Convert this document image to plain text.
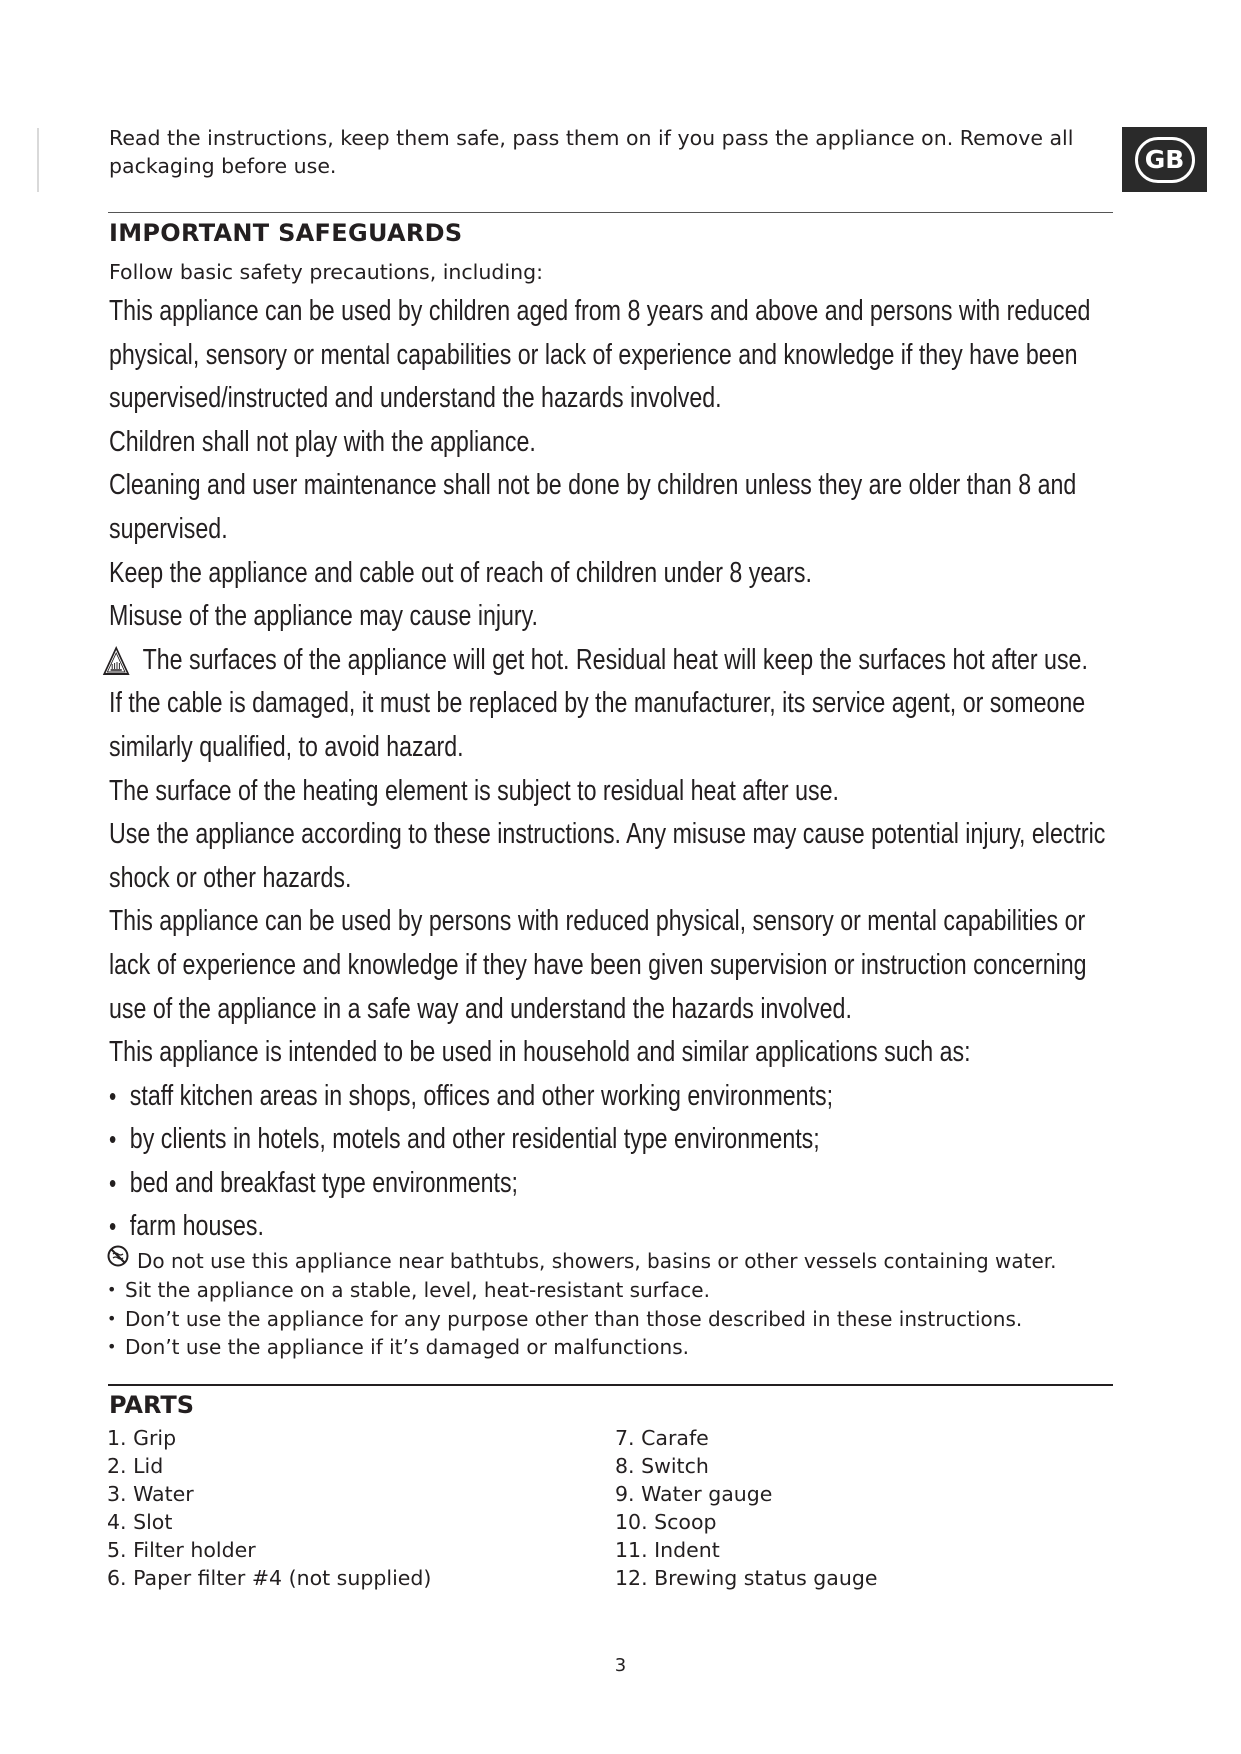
Read the instructions, keep them safe, pass them on if you pass the appliance on. Remove all packaging before use.	GB
IMPORTANT SAFEGUARDS
Follow basic safety precautions, including:

This appliance can be used by children aged from 8 years and above and persons with reduced physical, sensory or mental capabilities or lack of experience and knowledge if they have been supervised/instructed and understand the hazards involved.

Children shall not play with the appliance.

Cleaning and user maintenance shall not be done by children unless they are older than 8 and supervised.

Keep the appliance and cable out of reach of children under 8 years.

Misuse of the appliance may cause injury.

The surfaces of the appliance will get hot. Residual heat will keep the surfaces hot after use.

If the cable is damaged, it must be replaced by the manufacturer, its service agent, or someone similarly qualified, to avoid hazard.

The surface of the heating element is subject to residual heat after use.

Use the appliance according to these instructions. Any misuse may cause potential injury, electric shock or other hazards.

This appliance can be used by persons with reduced physical, sensory or mental capabilities or lack of experience and knowledge if they have been given supervision or instruction concerning use of the appliance in a safe way and understand the hazards involved.

This appliance is intended to be used in household and similar applications such as:

• staff kitchen areas in shops, offices and other working environments;
• by clients in hotels, motels and other residential type environments;
• bed and breakfast type environments;
• farm houses.
Do not use this appliance near bathtubs, showers, basins or other vessels containing water.
• Sit the appliance on a stable, level, heat-resistant surface.
• Don’t use the appliance for any purpose other than those described in these instructions.
• Don’t use the appliance if it’s damaged or malfunctions.
PARTS
1. Grip
2. Lid
3. Water
4. Slot
5. Filter holder
6. Paper filter #4 (not supplied)
7. Carafe
8. Switch
9. Water gauge
10. Scoop
11. Indent
12. Brewing status gauge
3
